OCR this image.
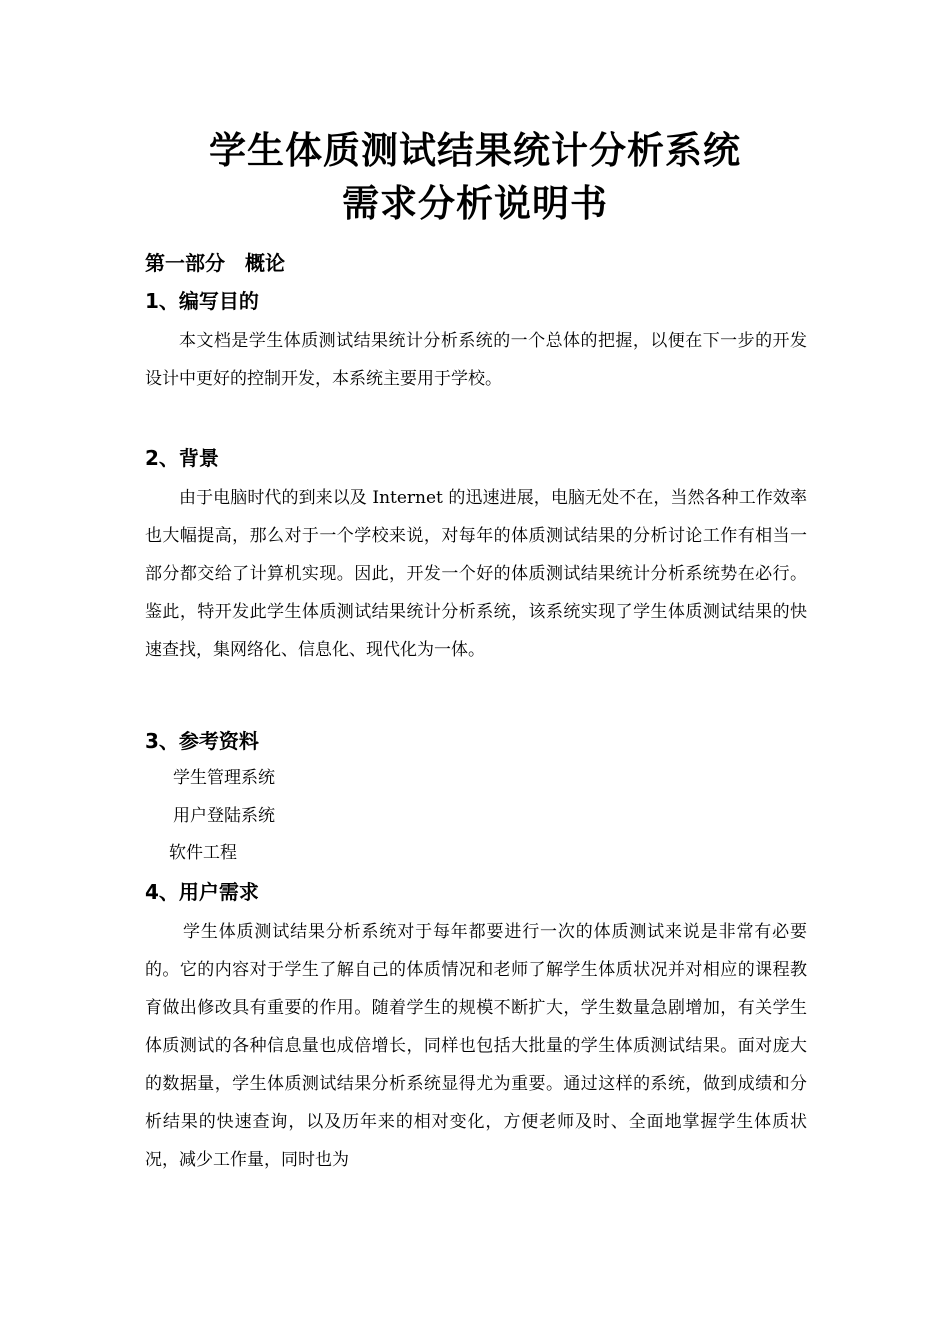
学生体质测试结果统计分析系统
需求分析说明书
第一部分　概论
1、编写目的

本文档是学生体质测试结果统计分析系统的一个总体的把握，以便在下一步的开发设计中更好的控制开发，本系统主要用于学校。

2、背景

由于电脑时代的到来以及 Internet 的迅速进展，电脑无处不在，当然各种工作效率也大幅提高，那么对于一个学校来说，对每年的体质测试结果的分析讨论工作有相当一部分都交给了计算机实现。因此，开发一个好的体质测试结果统计分析系统势在必行。鉴此，特开发此学生体质测试结果统计分析系统，该系统实现了学生体质测试结果的快速查找，集网络化、信息化、现代化为一体。

3、参考资料
学生管理系统
用户登陆系统
软件工程
4、用户需求

学生体质测试结果分析系统对于每年都要进行一次的体质测试来说是非常有必要的。它的内容对于学生了解自己的体质情况和老师了解学生体质状况并对相应的课程教育做出修改具有重要的作用。随着学生的规模不断扩大，学生数量急剧增加，有关学生体质测试的各种信息量也成倍增长，同样也包括大批量的学生体质测试结果。面对庞大的数据量，学生体质测试结果分析系统显得尤为重要。通过这样的系统，做到成绩和分析结果的快速查询，以及历年来的相对变化，方便老师及时、全面地掌握学生体质状况，减少工作量，同时也为
